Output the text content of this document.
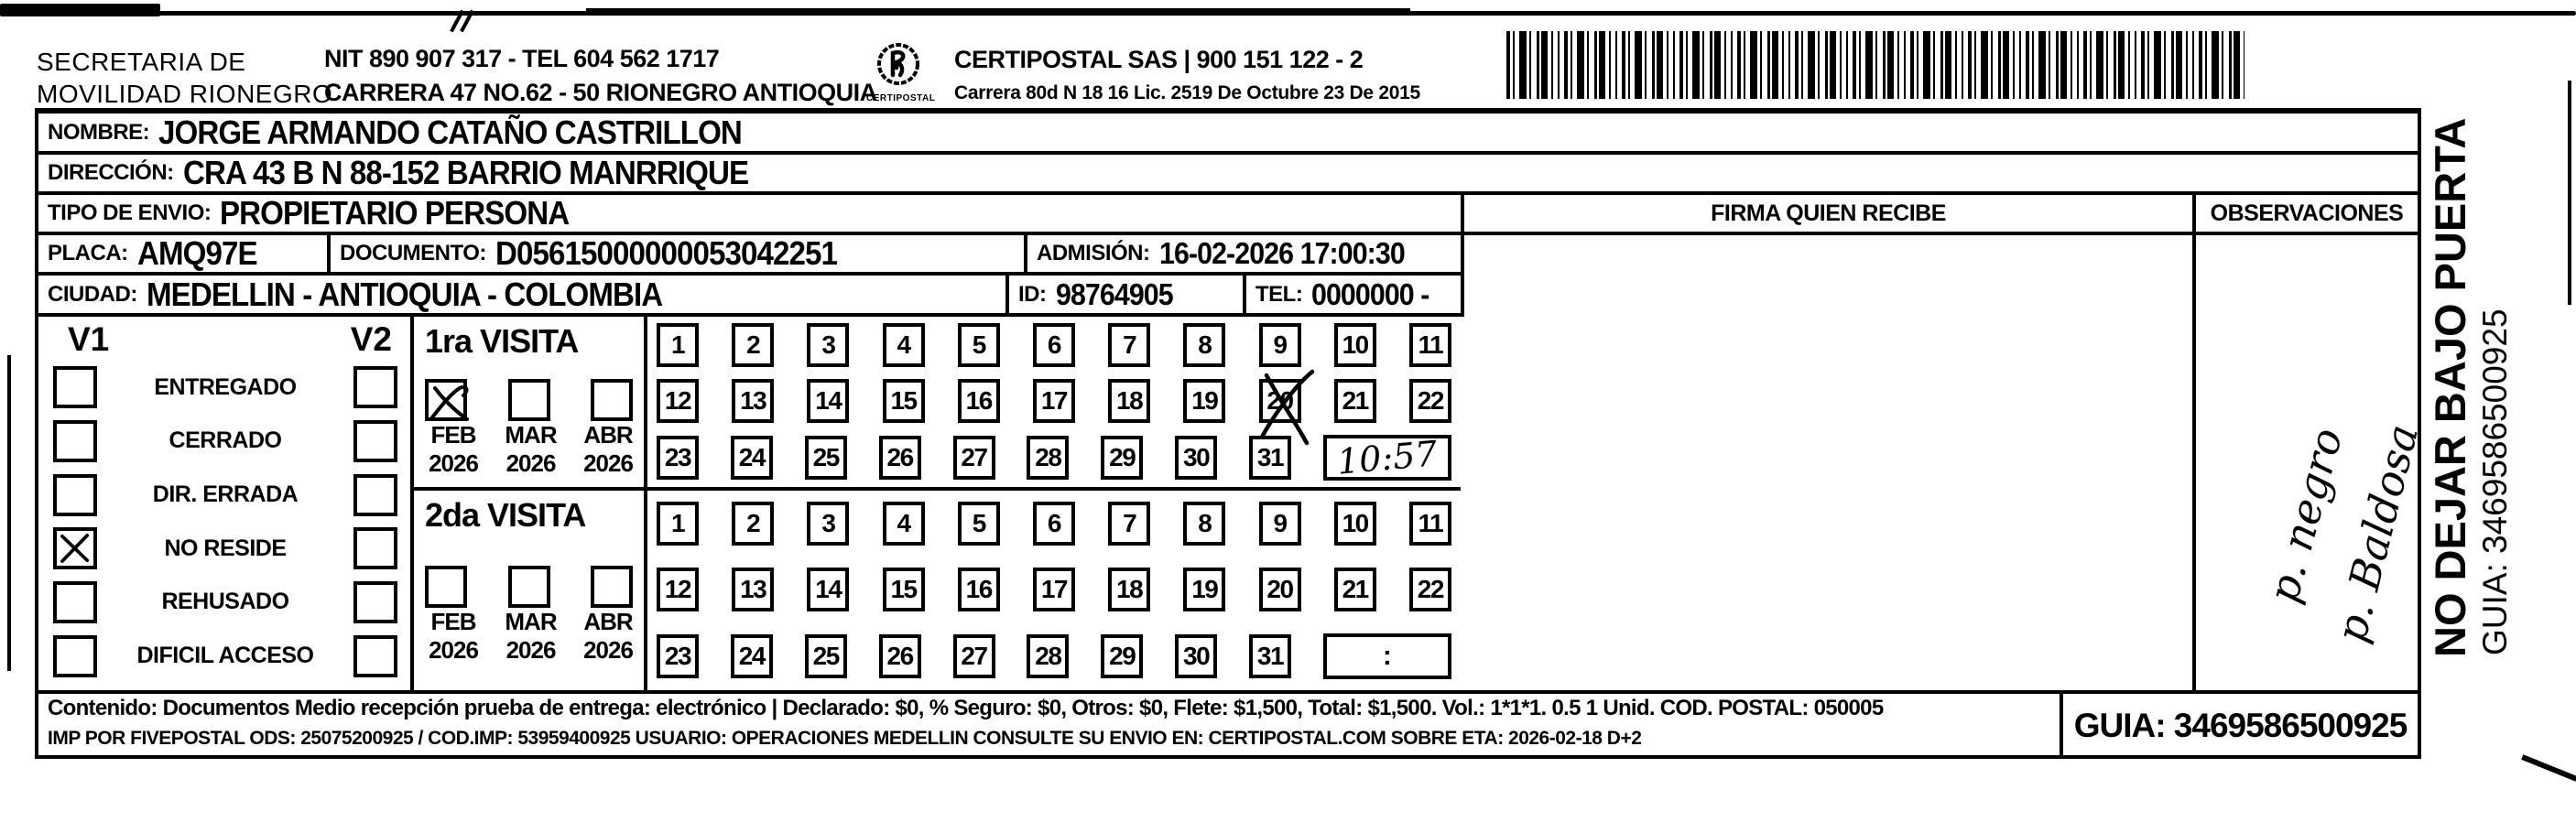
SECRETARIA DE
MOVILIDAD RIONEGRO
NIT 890 907 317 - TEL 604 562 1717
CARRERA 47 NO.62 - 50 RIONEGRO ANTIOQUIA
CERTIPOSTAL
CERTIPOSTAL SAS | 900 151 122 - 2
Carrera 80d N 18 16 Lic. 2519 De Octubre 23 De 2015
NOMBRE: JORGE ARMANDO CATAÑO CASTRILLON
DIRECCIÓN: CRA 43 B N 88-152 BARRIO MANRRIQUE
TIPO DE ENVIO: PROPIETARIO PERSONA	FIRMA QUIEN RECIBE	OBSERVACIONES
PLACA: AMQ97E	DOCUMENTO: D05615000000053042251	ADMISIÓN: 16-02-2026 17:00:30
CIUDAD: MEDELLIN - ANTIOQUIA - COLOMBIA	ID: 98764905	TEL: 0000000 -
V1	V2
ENTREGADO
CERRADO
DIR. ERRADA
NO RESIDE
REHUSADO
DIFICIL ACCESO
1ra VISITA
FEB MAR ABR
2026 2026 2026
1	2	3	4	5	6	7	8	9	10	11
12	13	14	15	16	17	18	19	20	21	22
23	24	25	26	27	28	29	30	31 10:57
2da VISITA
FEB MAR ABR
2026 2026 2026
1	2	3	4	5	6	7	8	9	10	11
12	13	14	15	16	17	18	19	20	21	22
23	24	25	26	27	28	29	30	31	:
Contenido: Documentos Medio recepción prueba de entrega: electrónico | Declarado: $0, % Seguro: $0, Otros: $0, Flete: $1,500, Total: $1,500. Vol.: 1*1*1. 0.5 1 Unid. COD. POSTAL: 050005
IMP POR FIVEPOSTAL ODS: 25075200925 / COD.IMP: 53959400925 USUARIO: OPERACIONES MEDELLIN CONSULTE SU ENVIO EN: CERTIPOSTAL.COM SOBRE ETA: 2026-02-18 D+2	GUIA: 3469586500925
p. negro
p. Baldosa
NO DEJAR BAJO PUERTA GUIA: 3469586500925
